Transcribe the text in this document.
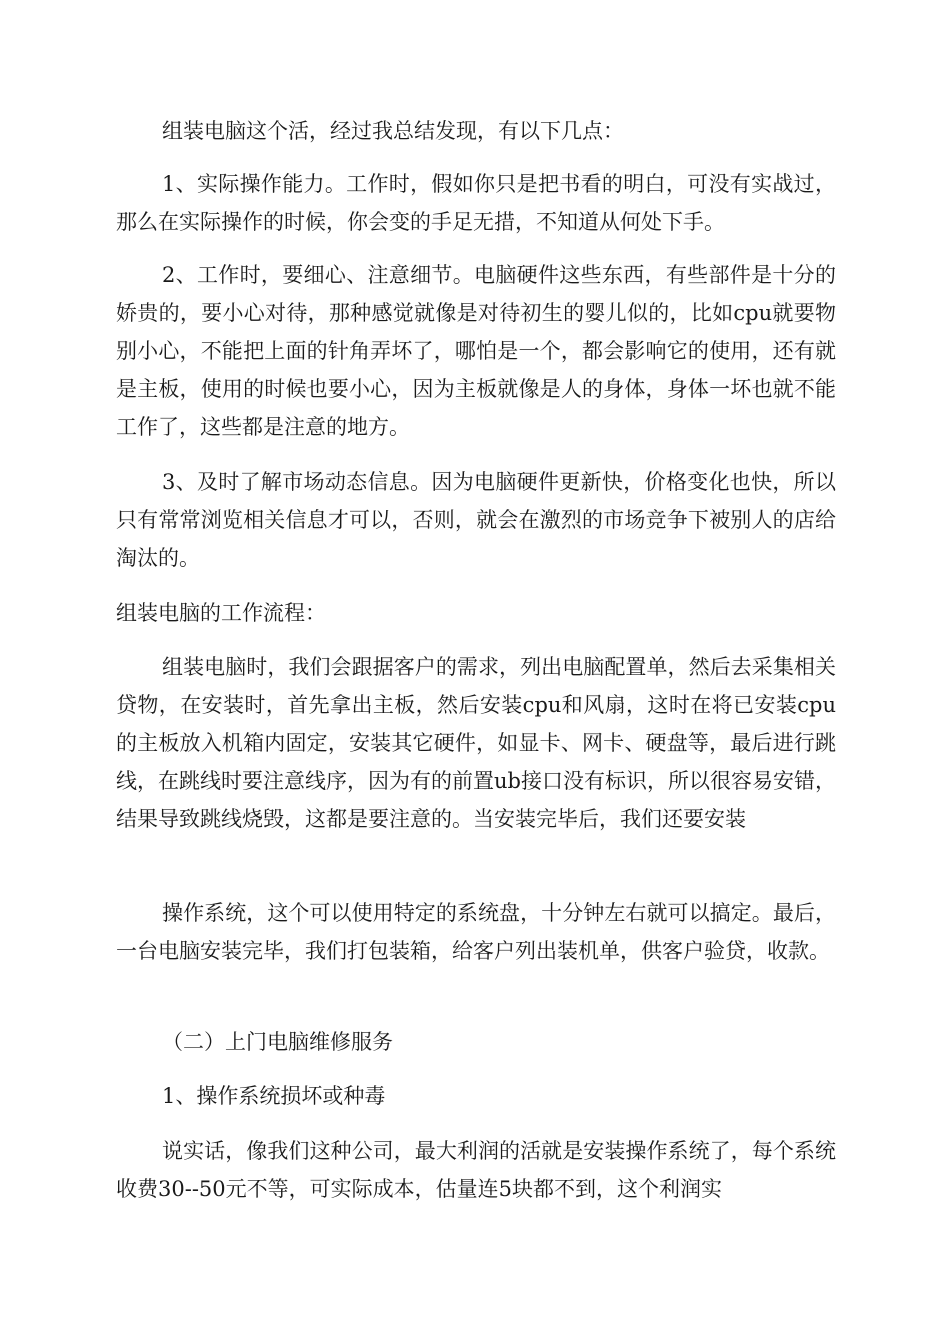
组装电脑这个活，经过我总结发现，有以下几点：

1、实际操作能力。工作时，假如你只是把书看的明白，可没有实战过，那么在实际操作的时候，你会变的手足无措，不知道从何处下手。

2、工作时，要细心、注意细节。电脑硬件这些东西，有些部件是十分的娇贵的，要小心对待，那种感觉就像是对待初生的婴儿似的，比如cpu就要物别小心，不能把上面的针角弄坏了，哪怕是一个，都会影响它的使用，还有就是主板，使用的时候也要小心，因为主板就像是人的身体，身体一坏也就不能工作了，这些都是注意的地方。

3、及时了解市场动态信息。因为电脑硬件更新快，价格变化也快，所以只有常常浏览相关信息才可以，否则，就会在激烈的市场竞争下被别人的店给淘汰的。

组装电脑的工作流程：

组装电脑时，我们会跟据客户的需求，列出电脑配置单，然后去采集相关贷物，在安装时，首先拿出主板，然后安装cpu和风扇，这时在将已安装cpu的主板放入机箱内固定，安装其它硬件，如显卡、网卡、硬盘等，最后进行跳线，在跳线时要注意线序，因为有的前置ub接口没有标识，所以很容易安错，结果导致跳线烧毁，这都是要注意的。当安装完毕后，我们还要安装

操作系统，这个可以使用特定的系统盘，十分钟左右就可以搞定。最后，一台电脑安装完毕，我们打包装箱，给客户列出装机单，供客户验贷，收款。

（二）上门电脑维修服务

1、操作系统损坏或种毒

说实话，像我们这种公司，最大利润的活就是安装操作系统了，每个系统收费30--50元不等，可实际成本，估量连5块都不到，这个利润实
